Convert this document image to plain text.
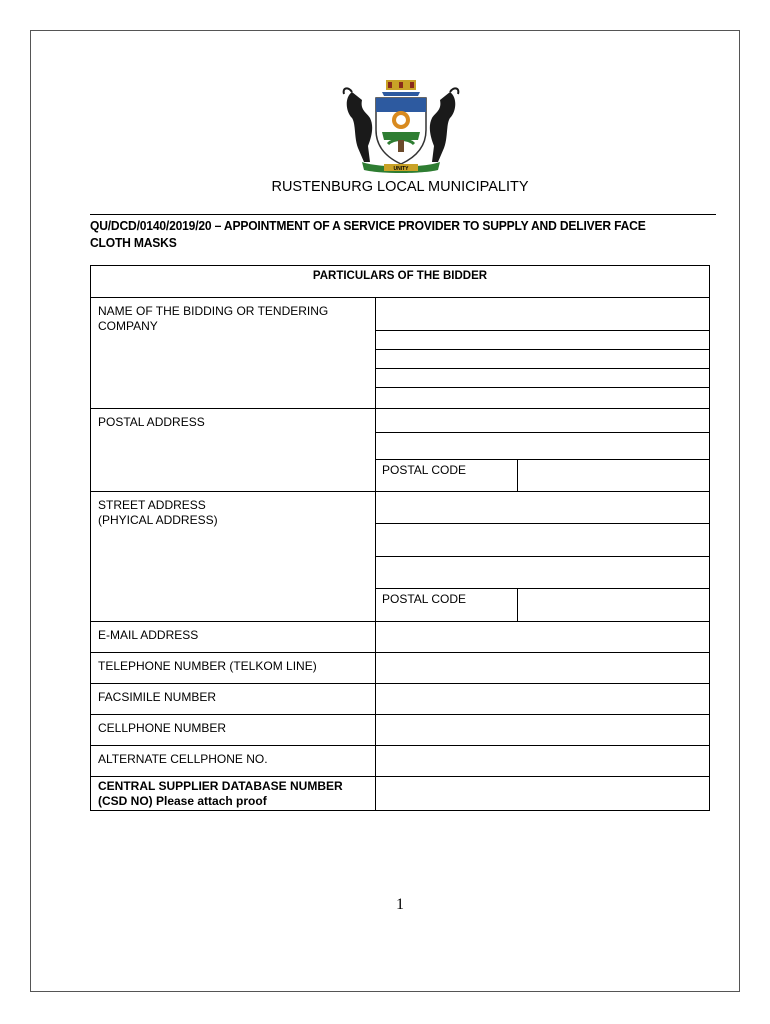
UNITY
RUSTENBURG LOCAL MUNICIPALITY
QU/DCD/0140/2019/20 – APPOINTMENT OF A SERVICE PROVIDER TO SUPPLY AND DELIVER FACE
CLOTH MASKS
PARTICULARS OF THE BIDDER

NAME OF THE BIDDING OR TENDERING
COMPANY

POSTAL ADDRESS	

POSTAL CODE	

STREET ADDRESS
(PHYICAL ADDRESS)

POSTAL CODE	

E-MAIL ADDRESS	
TELEPHONE NUMBER (TELKOM LINE)	
FACSIMILE NUMBER	
CELLPHONE NUMBER	
ALTERNATE CELLPHONE NO.	

CENTRAL SUPPLIER DATABASE NUMBER
(CSD NO) Please attach proof

1
